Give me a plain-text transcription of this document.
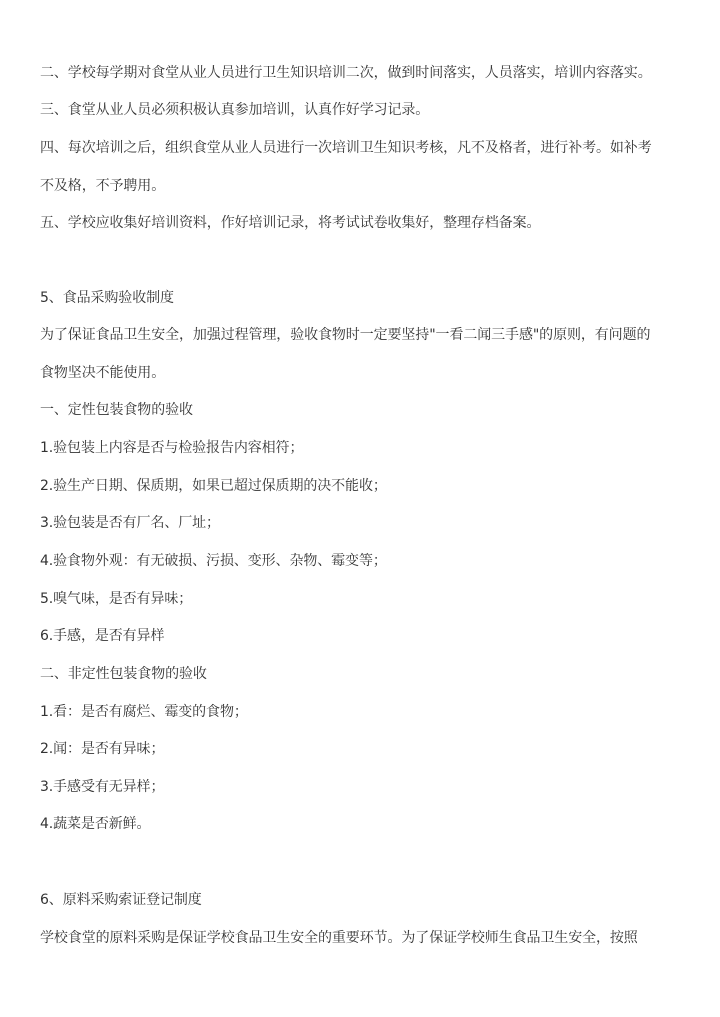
二、学校每学期对食堂从业人员进行卫生知识培训二次，做到时间落实，人员落实，培训内容落实。
三、食堂从业人员必须积极认真参加培训，认真作好学习记录。
四、每次培训之后，组织食堂从业人员进行一次培训卫生知识考核，凡不及格者，进行补考。如补考
不及格，不予聘用。
五、学校应收集好培训资料，作好培训记录，将考试试卷收集好，整理存档备案。
5、食品采购验收制度
为了保证食品卫生安全，加强过程管理，验收食物时一定要坚持"一看二闻三手感"的原则，有问题的
食物坚决不能使用。
一、定性包装食物的验收
1.验包装上内容是否与检验报告内容相符；
2.验生产日期、保质期，如果已超过保质期的决不能收；
3.验包装是否有厂名、厂址；
4.验食物外观：有无破损、污损、变形、杂物、霉变等；
5.嗅气味，是否有异味；
6.手感，是否有异样
二、非定性包装食物的验收
1.看：是否有腐烂、霉变的食物；
2.闻：是否有异味；
3.手感受有无异样；
4.蔬菜是否新鲜。
6、原料采购索证登记制度
学校食堂的原料采购是保证学校食品卫生安全的重要环节。为了保证学校师生食品卫生安全，按照
